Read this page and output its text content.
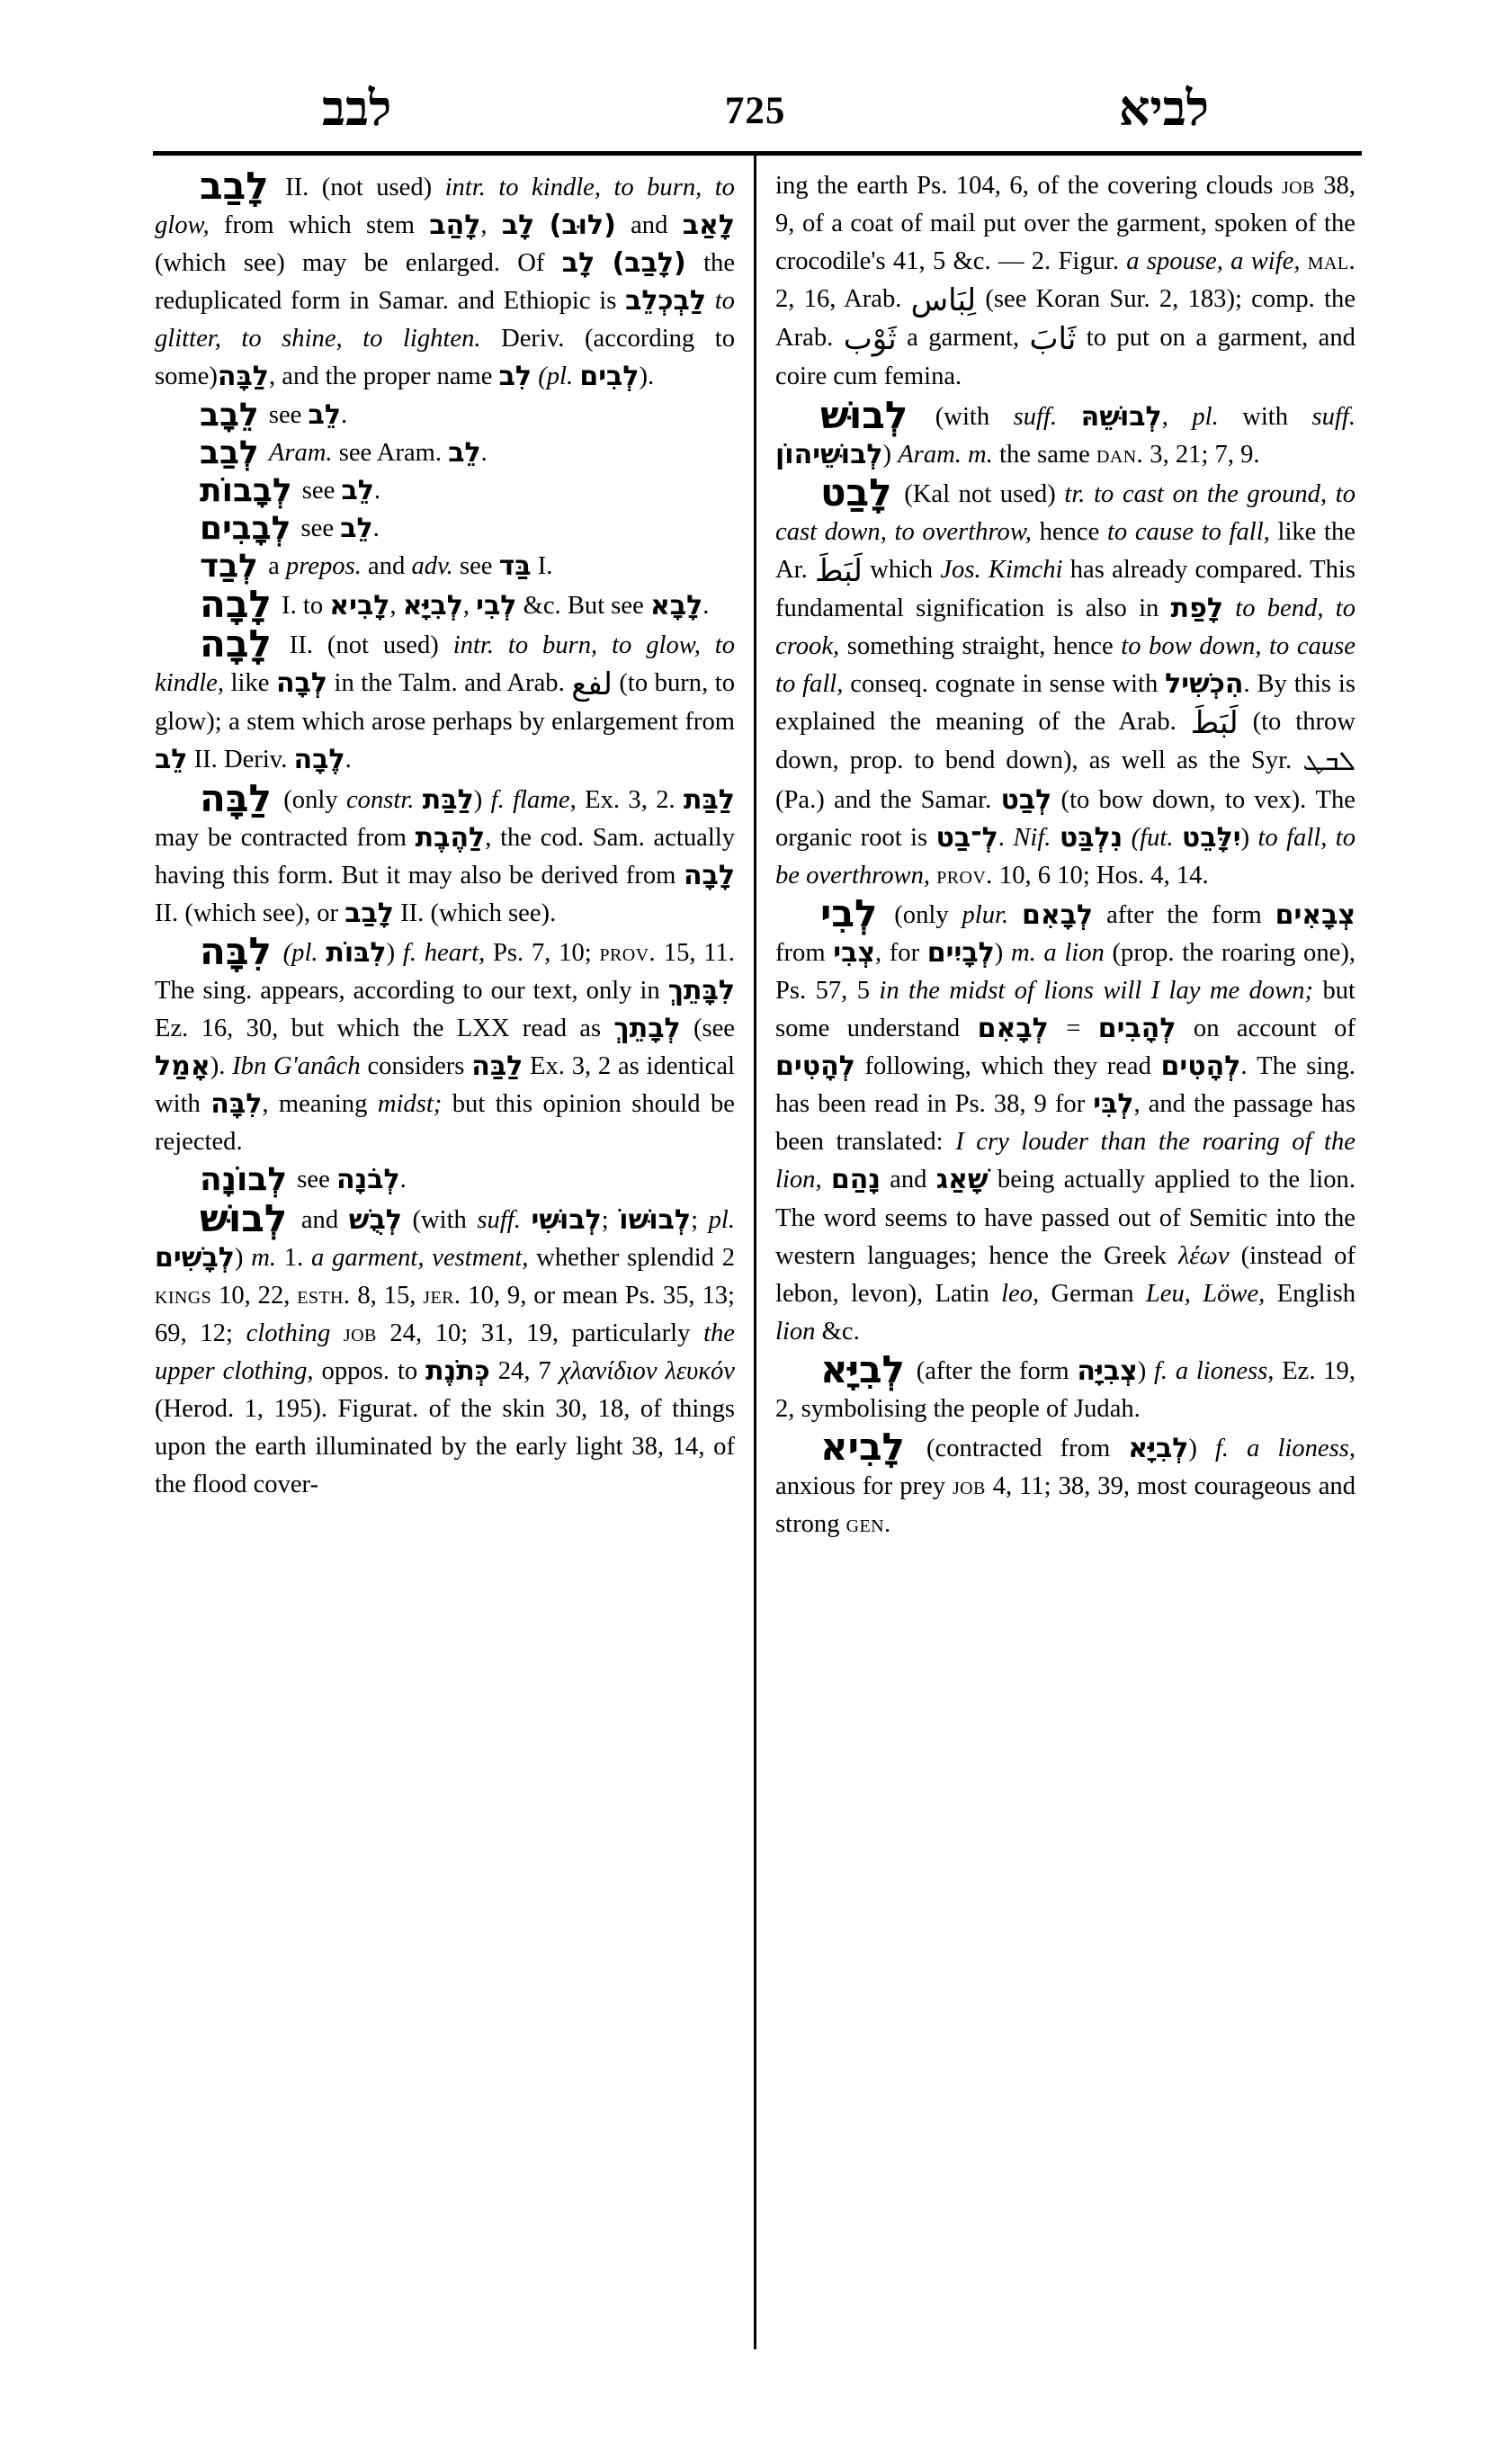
לבב	725	לביא

לָבַב II. (not used) intr. to kindle, to burn, to glow, from which stem לָהַב, לָב (לוּב) and לָאַב (which see) may be enlarged. Of לָב (לָבַב) the reduplicated form in Samar. and Ethiopic is לַבְכְלֵב to glitter, to shine, to lighten. Deriv. (according to some)לַבָּה, and the proper name לִב (pl. לְבִים).

לֵבָב see לֵב.

לְבַב Aram. see Aram. לֵב.

לְבָבוֹת see לֵב.

לְבָבִים see לֵב.

לְבַד a prepos. and adv. see בַּד I.

לָבָה I. to לָבִיא, לְבִיָּא, לְבִי &c. But see לָבָא.

לָבָה II. (not used) intr. to burn, to glow, to kindle, like לְבָה in the Talm. and Arab. لفع (to burn, to glow); a stem which arose perhaps by enlargement from לֵב II. Deriv. לֶבָה.

לַבָּה (only constr. לַבַּת) f. flame, Ex. 3, 2. לַבַּת may be contracted from לַהֶבֶת, the cod. Sam. actually having this form. But it may also be derived from לָבָה II. (which see), or לָבַב II. (which see).

לִבָּה (pl. לִבּוֹת) f. heart, Ps. 7, 10; prov. 15, 11. The sing. appears, according to our text, only in לִבָּתֵךְ Ez. 16, 30, but which the LXX read as לְבָתֵךְ (see אָמַל). Ibn G'anâch considers לַבַּה Ex. 3, 2 as identical with לִבָּה, meaning midst; but this opinion should be rejected.

לְבוֹנָה see לְבֹנָה.

לְבוּשׁ and לְבֻשׁ (with suff. לְבוּשִׁי; לְבוּשׁוֹ; pl. לְבָשִׁים) m. 1. a garment, vestment, whether splendid 2 kings 10, 22, esth. 8, 15, jer. 10, 9, or mean Ps. 35, 13; 69, 12; clothing job 24, 10; 31, 19, particularly the upper clothing, oppos. to כְּתֹנֶת 24, 7 χλανίδιον λευκόν (Herod. 1, 195). Figurat. of the skin 30, 18, of things upon the earth illuminated by the early light 38, 14, of the flood cover-

ing the earth Ps. 104, 6, of the covering clouds job 38, 9, of a coat of mail put over the garment, spoken of the crocodile's 41, 5 &c. — 2. Figur. a spouse, a wife, mal. 2, 16, Arab. لِبَاس (see Koran Sur. 2, 183); comp. the Arab. ثَوْب a garment, ثَابَ to put on a garment, and coire cum femina.

לְבוּשׁ (with suff. לְבוּשֵׁהּ, pl. with suff. לְבוּשֵׁיהוֹן) Aram. m. the same dan. 3, 21; 7, 9.

לָבַט (Kal not used) tr. to cast on the ground, to cast down, to overthrow, hence to cause to fall, like the Ar. لَبَطَ which Jos. Kimchi has already compared. This fundamental signification is also in לָפַת to bend, to crook, something straight, hence to bow down, to cause to fall, conseq. cognate in sense with הִכְשִׁיל. By this is explained the meaning of the Arab. لَبَطَ (to throw down, prop. to bend down), as well as the Syr. ܠܒܛ (Pa.) and the Samar. לְבַט (to bow down, to vex). The organic root is לְ־בַט. Nif. נִלְבַּט (fut. יִלָּבֵט) to fall, to be overthrown, prov. 10, 6 10; Hos. 4, 14.

לְבִי (only plur. לְבָאִם after the form צְבָאִים from צְבִי, for לְבָיִים) m. a lion (prop. the roaring one), Ps. 57, 5 in the midst of lions will I lay me down; but some understand לְבָאִם = לְהָבִים on account of לְהָטִים following, which they read לְהָטִים. The sing. has been read in Ps. 38, 9 for לְבִּי, and the passage has been translated: I cry louder than the roaring of the lion, נָהַם and שָׁאַג being actually applied to the lion. The word seems to have passed out of Semitic into the western languages; hence the Greek λέων (instead of lebon, levon), Latin leo, German Leu, Löwe, English lion &c.

לְבִיָּא (after the form צְבִיָּה) f. a lioness, Ez. 19, 2, symbolising the people of Judah.

לָבִיא (contracted from לְבִיָּא) f. a lioness, anxious for prey job 4, 11; 38, 39, most courageous and strong gen.
